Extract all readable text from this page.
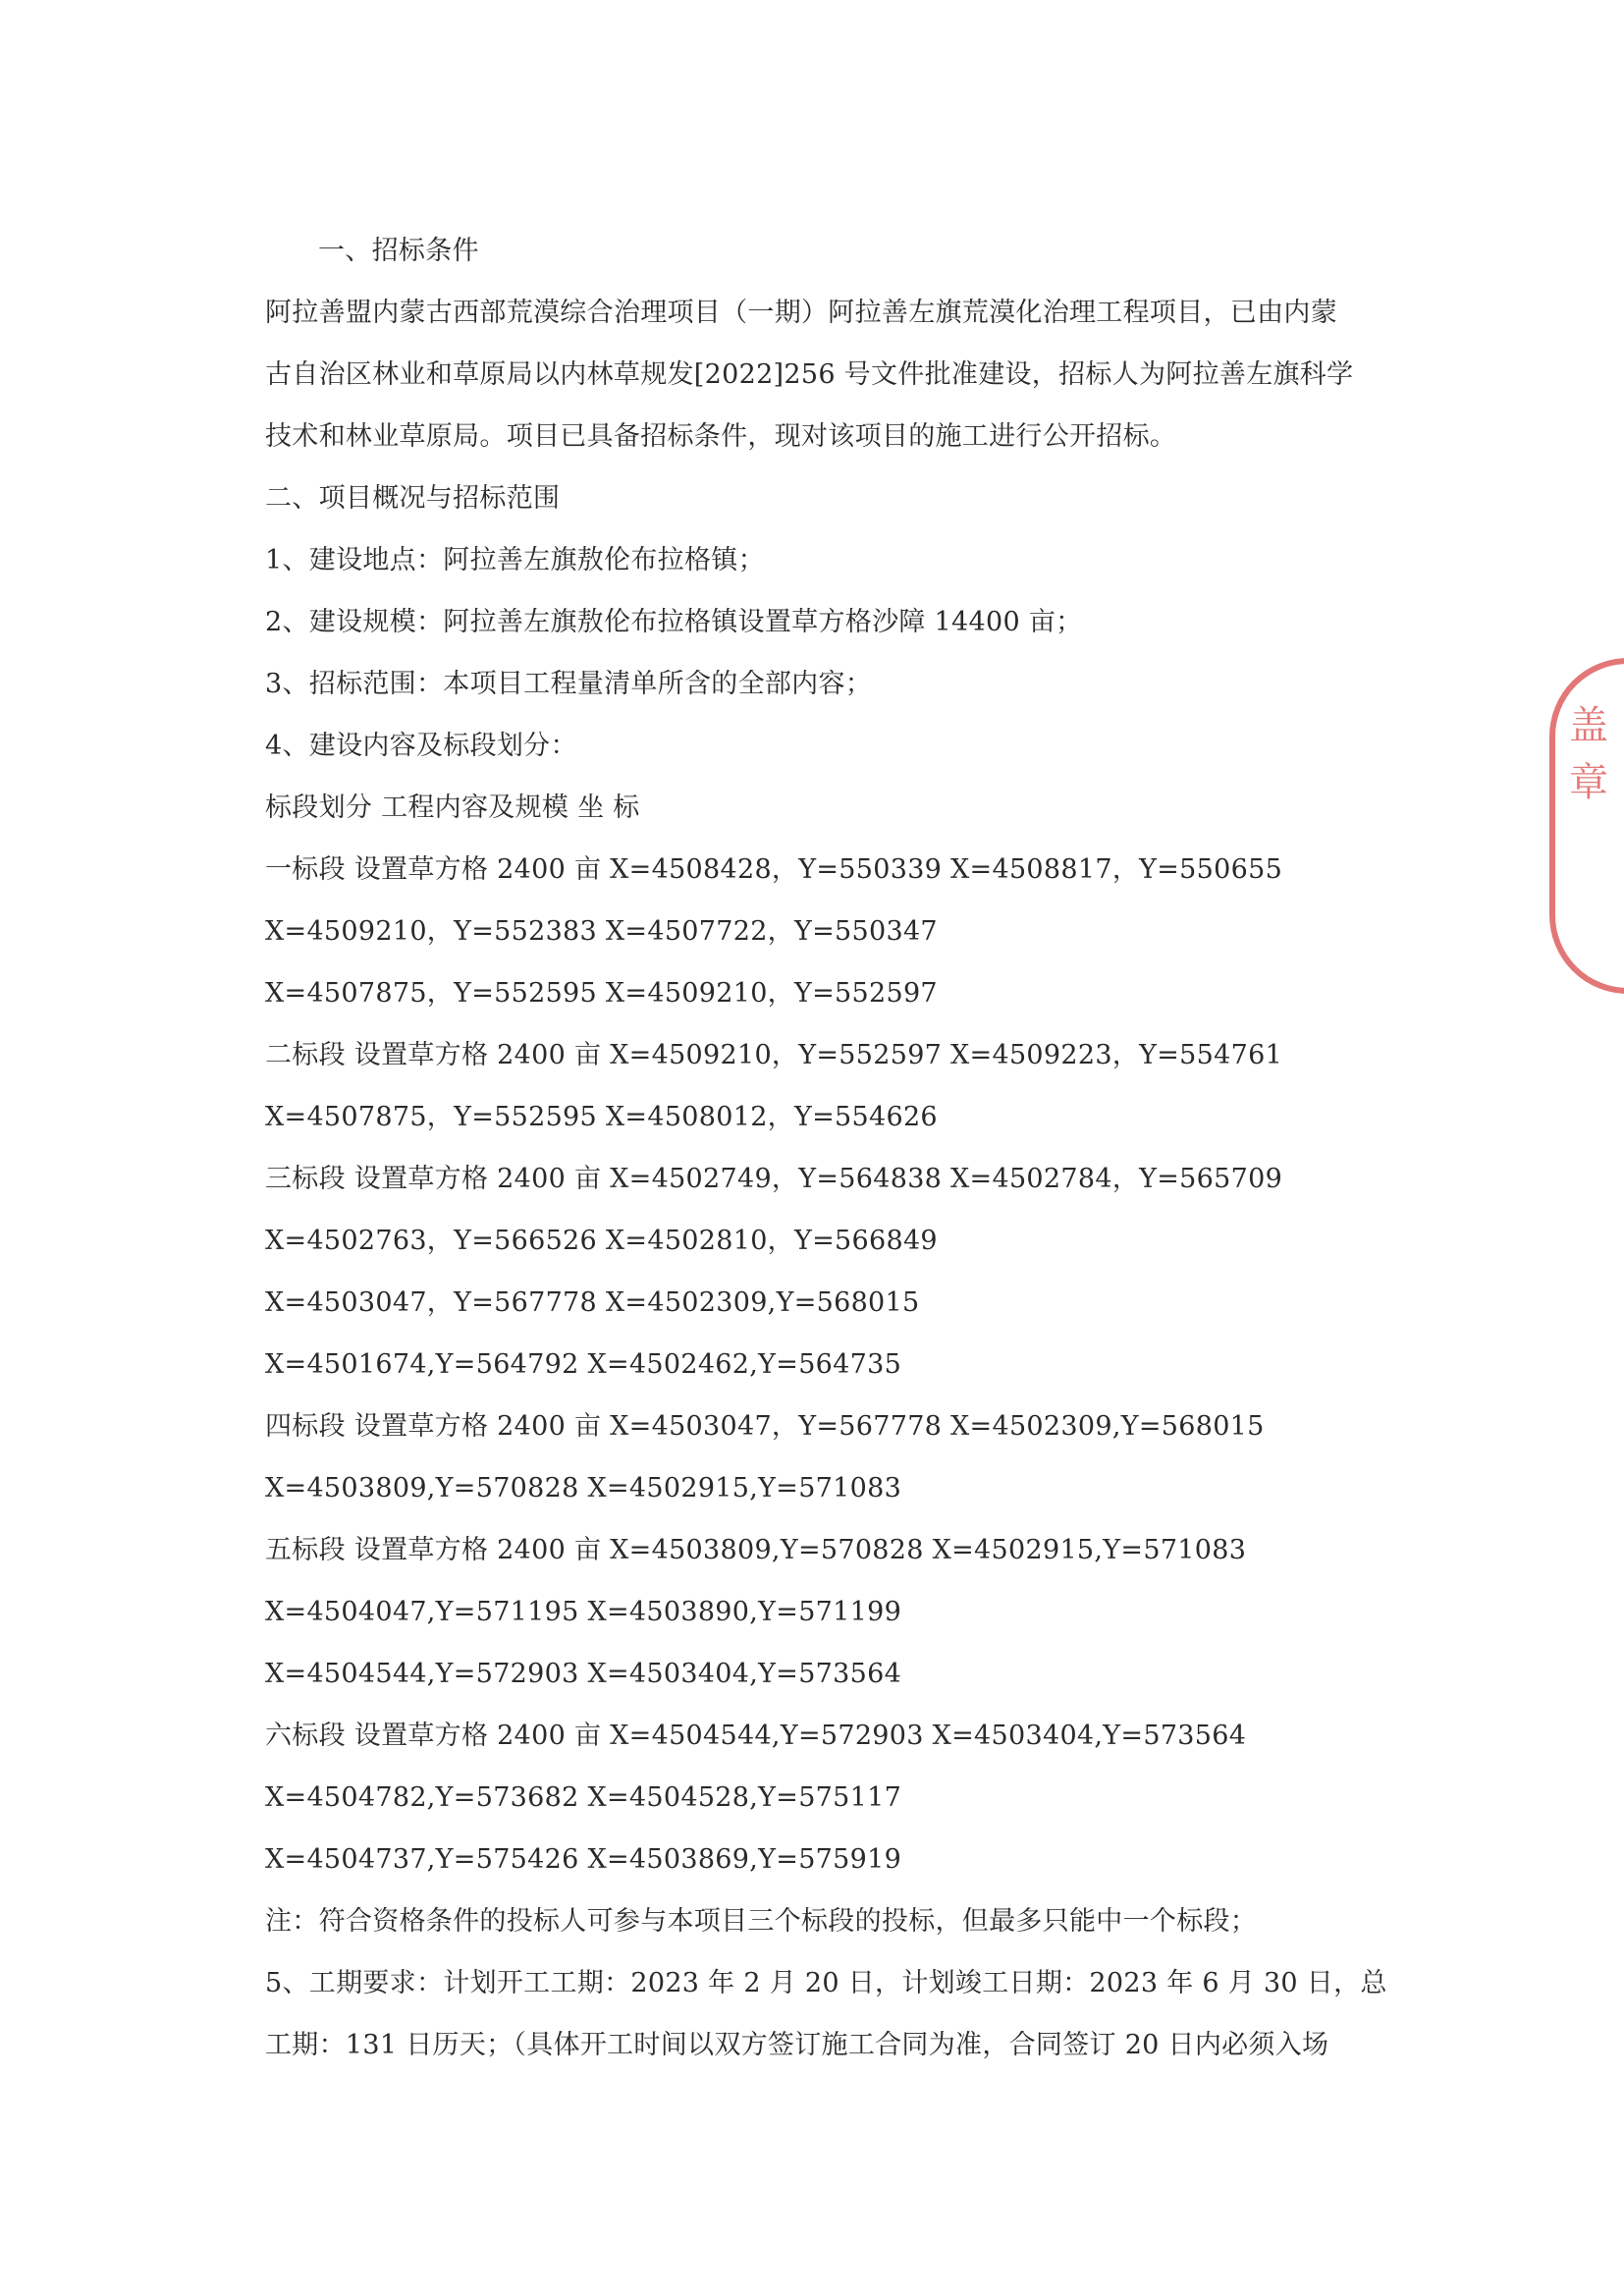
一、招标条件
阿拉善盟内蒙古西部荒漠综合治理项目（一期）阿拉善左旗荒漠化治理工程项目，已由内蒙
古自治区林业和草原局以内林草规发[2022]256 号文件批准建设，招标人为阿拉善左旗科学
技术和林业草原局。项目已具备招标条件，现对该项目的施工进行公开招标。
二、项目概况与招标范围
1、建设地点：阿拉善左旗敖伦布拉格镇；
2、建设规模：阿拉善左旗敖伦布拉格镇设置草方格沙障 14400 亩；
3、招标范围：本项目工程量清单所含的全部内容；
4、建设内容及标段划分：
标段划分 工程内容及规模 坐 标
一标段 设置草方格 2400 亩 X=4508428，Y=550339 X=4508817，Y=550655
X=4509210，Y=552383 X=4507722，Y=550347
X=4507875，Y=552595 X=4509210，Y=552597
二标段 设置草方格 2400 亩 X=4509210，Y=552597 X=4509223，Y=554761
X=4507875，Y=552595 X=4508012，Y=554626
三标段 设置草方格 2400 亩 X=4502749，Y=564838 X=4502784，Y=565709
X=4502763，Y=566526 X=4502810，Y=566849
X=4503047，Y=567778 X=4502309,Y=568015
X=4501674,Y=564792 X=4502462,Y=564735
四标段 设置草方格 2400 亩 X=4503047，Y=567778 X=4502309,Y=568015
X=4503809,Y=570828 X=4502915,Y=571083
五标段 设置草方格 2400 亩 X=4503809,Y=570828 X=4502915,Y=571083
X=4504047,Y=571195 X=4503890,Y=571199
X=4504544,Y=572903 X=4503404,Y=573564
六标段 设置草方格 2400 亩 X=4504544,Y=572903 X=4503404,Y=573564
X=4504782,Y=573682 X=4504528,Y=575117
X=4504737,Y=575426 X=4503869,Y=575919
注：符合资格条件的投标人可参与本项目三个标段的投标，但最多只能中一个标段；
5、工期要求：计划开工工期：2023 年 2 月 20 日，计划竣工日期：2023 年 6 月 30 日，总
工期：131 日历天；（具体开工时间以双方签订施工合同为准，合同签订 20 日内必须入场
盖章
